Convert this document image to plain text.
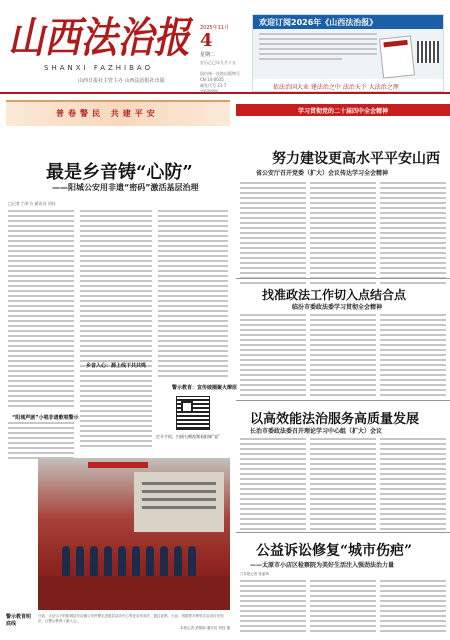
山西法治报
SHANXI FAZHIBAO
山西日报社主管主办 山西法治报社出版
2025年11月
4
星期二
农历乙巳年九月十五
国内统一连续出版物号
CN 14-0035
邮发代号 21-7
第6480期
欢迎订阅2026年《山西法治报》
依法治国大业 建法治之中 法治天下 大法治之理
普卷警民 共建平安
最是乡音铸“心防”
——阳城公安用非遗“密码”激活基层治理
□记者 吕朴为 通讯员 刘钰
“阳城声剧”小唱非遗歌唱警示
乡音入心：源上线下共共鸣
警示教育：宣传破圈聚火燎原
打开手机，扫描右侧视频看阳城“说”
警示教育明底线
日前，太岳山下的阳城县东冶镇公安民警走进基层活动中心等处宣传普法，通过说唱、小品、短剧等多种形式宣讲反诈知识，让警示教育入脑入心。
本报记者 梁锦南 通讯员 刘钰 摄
学习贯彻党的二十届四中全会精神
努力建设更高水平平安山西
省公安厅召开党委（扩大）会议传达学习全会精神
找准政法工作切入点结合点
临汾市委政法委学习贯彻全会精神
以高效能法治服务高质量发展
长治市委政法委召开理论学习中心组（扩大）会议
公益诉讼修复“城市伤疤”
——太原市小店区检察院为美好生活注入强劲法治力量
□本报记者 张丽琦
